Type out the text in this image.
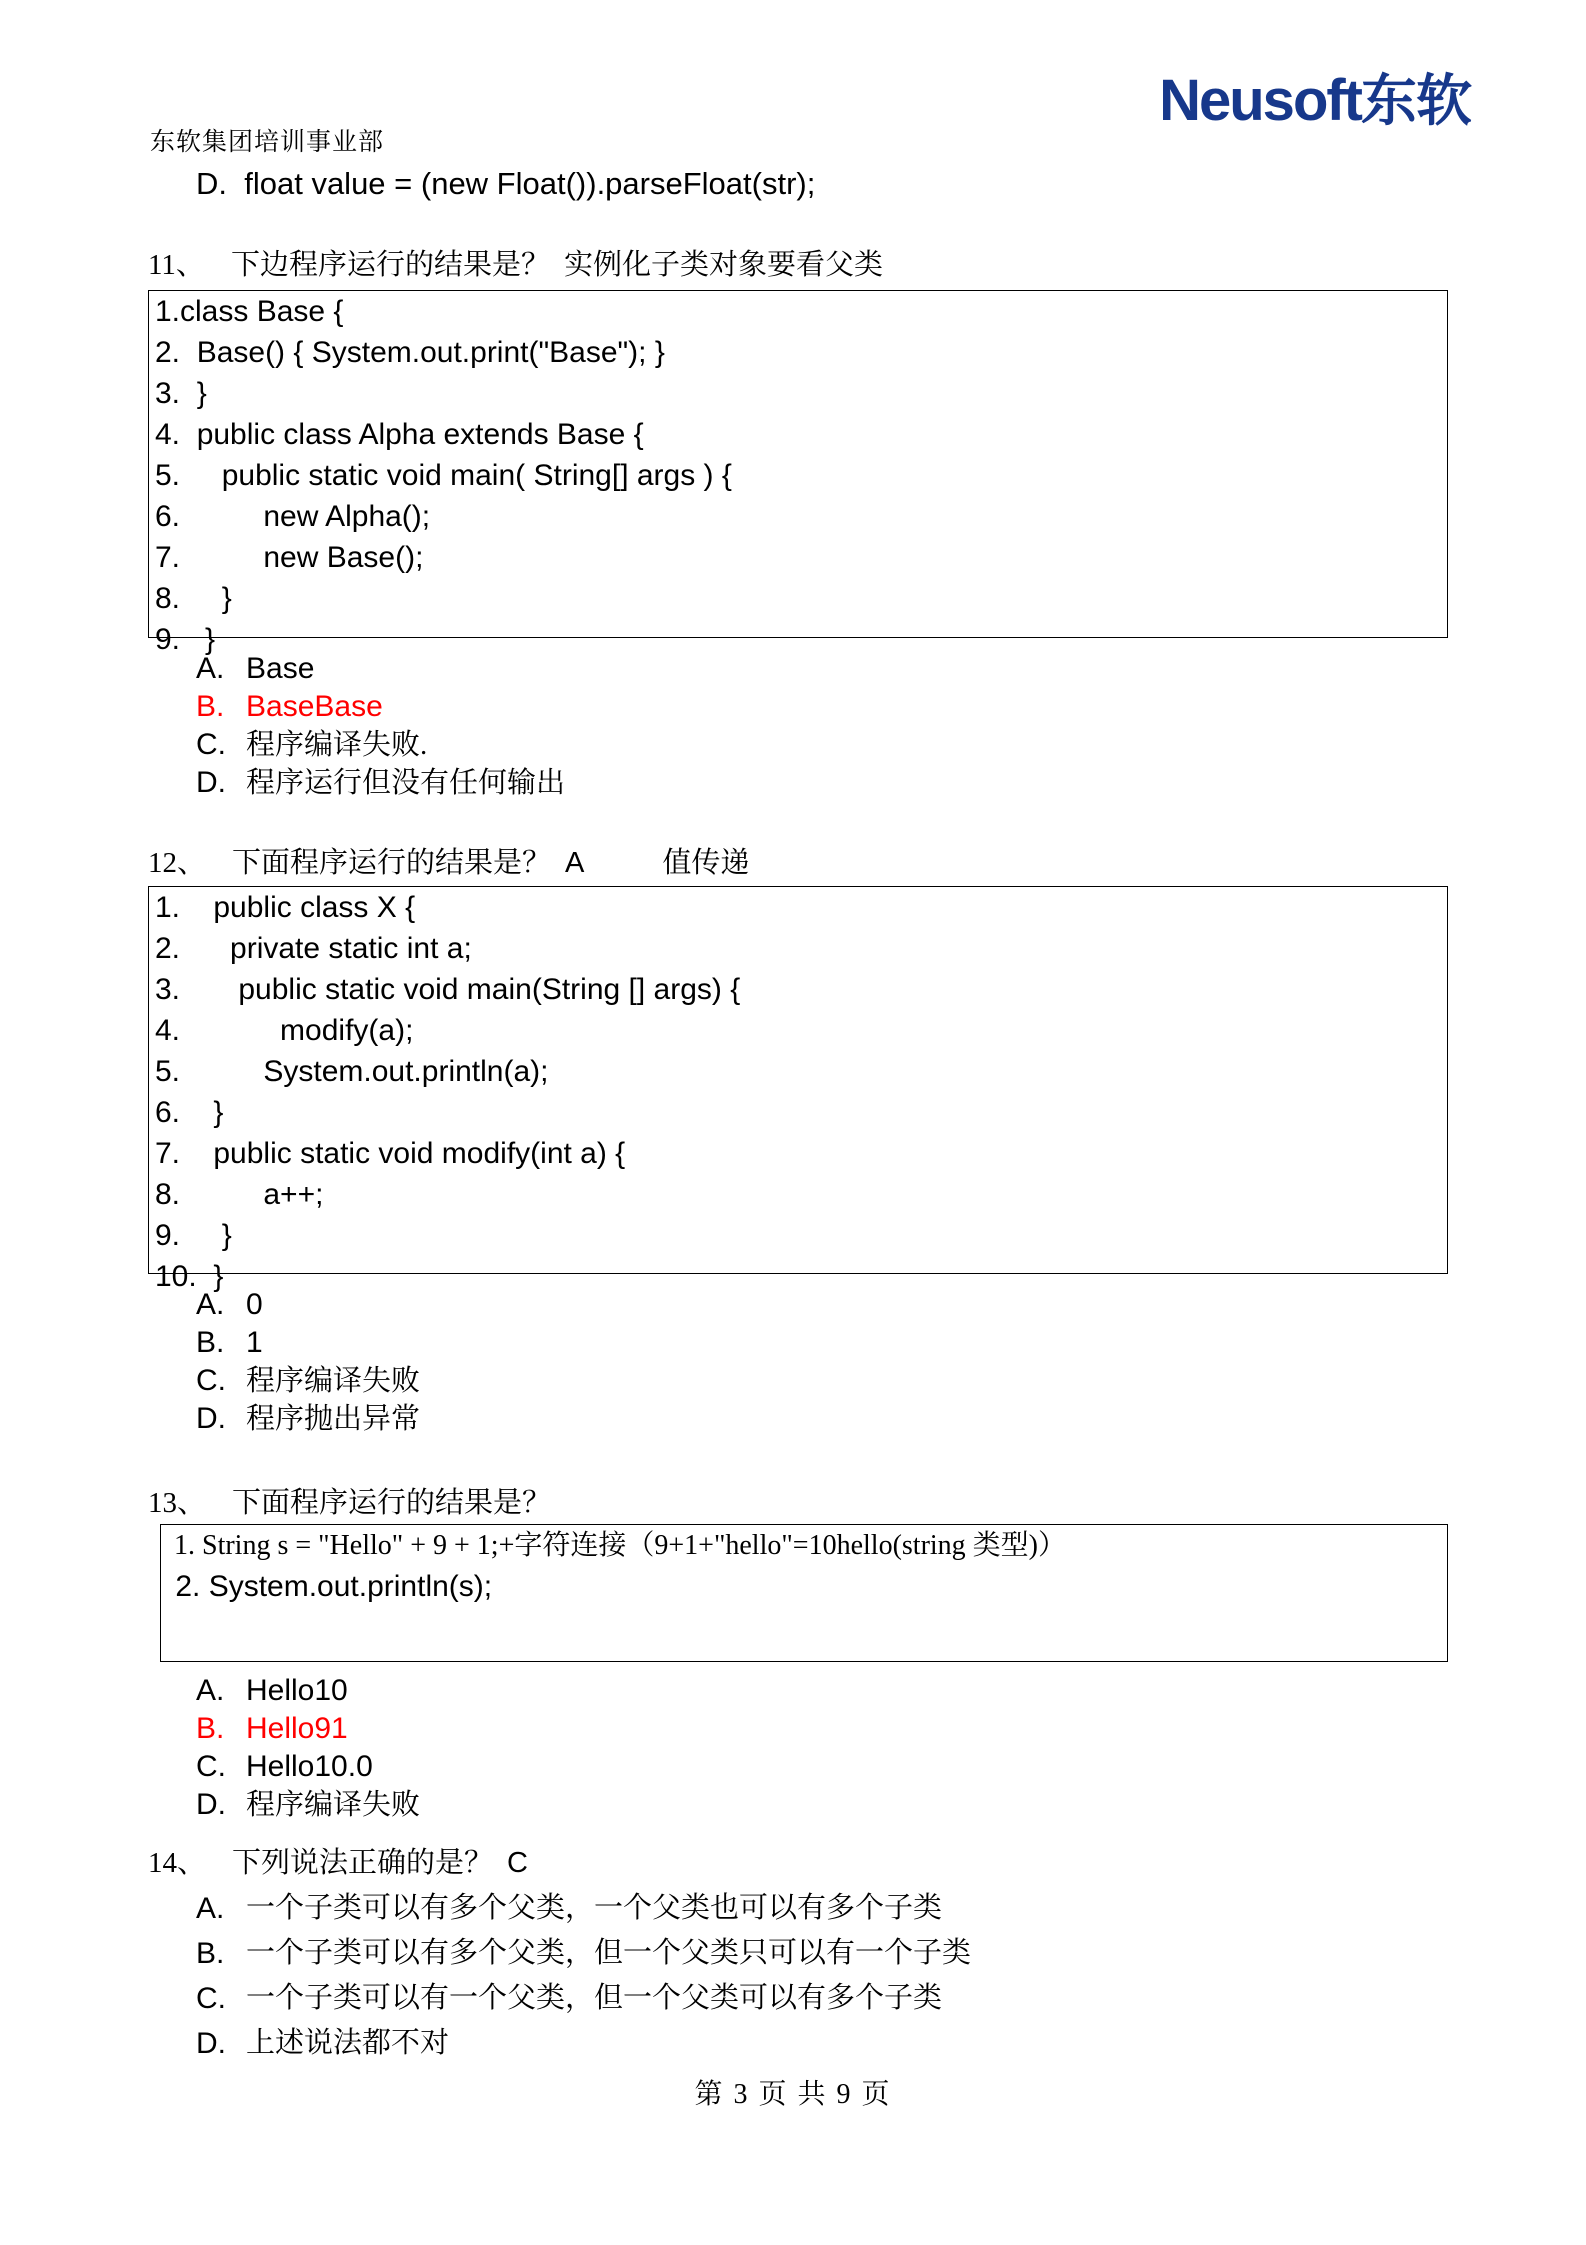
东软集团培训事业部
Neusoft东软
D. float value = (new Float()).parseFloat(str);
11、 下边程序运行的结果是？ 实例化子类对象要看父类
1.class Base {
2.  Base() { System.out.print("Base"); }
3.  }
4.  public class Alpha extends Base {
5.     public static void main( String[] args ) {
6.          new Alpha();
7.          new Base();
8.     }
9.   }
A. Base
B. BaseBase
C. 程序编译失败.
D. 程序运行但没有任何输出
12、 下面程序运行的结果是？ A	值传递
1.    public class X {
2.      private static int a;
3.       public static void main(String [] args) {
4.            modify(a);
5.          System.out.println(a);
6.    }
7.    public static void modify(int a) {
8.          a++;
9.     }
10.  }
A. 0
B. 1
C. 程序编译失败
D. 程序抛出异常
13、 下面程序运行的结果是？
1. String s = "Hello" + 9 + 1;+字符连接（9+1+"hello"=10hello(string 类型)）
2. System.out.println(s);
A. Hello10
B. Hello91
C. Hello10.0
D. 程序编译失败
14、 下列说法正确的是？ C
A. 一个子类可以有多个父类，一个父类也可以有多个子类
B. 一个子类可以有多个父类，但一个父类只可以有一个子类
C. 一个子类可以有一个父类，但一个父类可以有多个子类
D. 上述说法都不对
第 3 页 共 9 页
